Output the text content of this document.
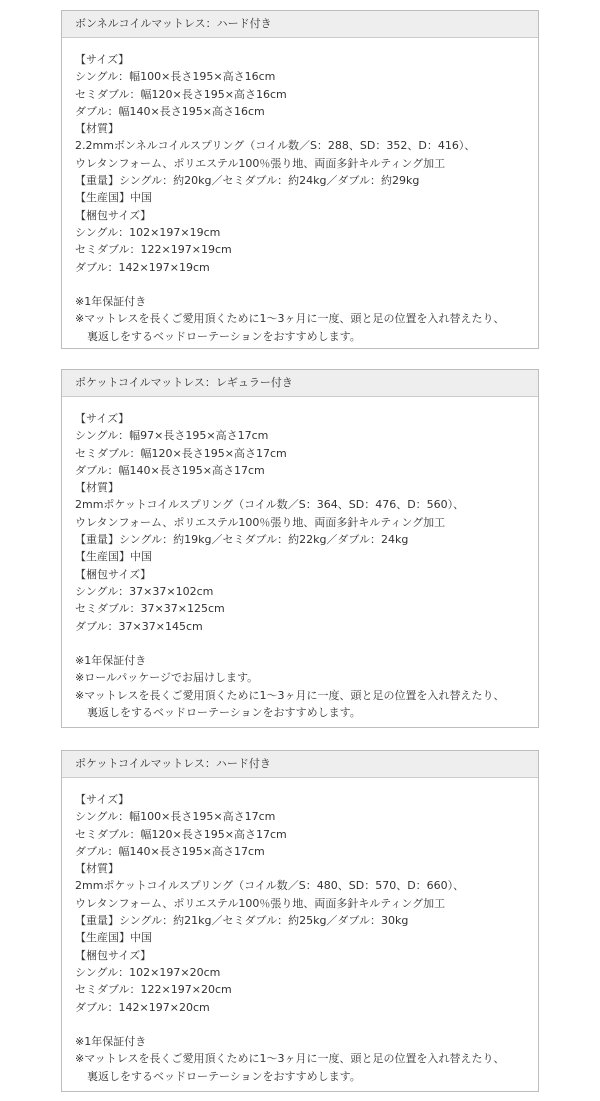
ボンネルコイルマットレス：ハード付き
【サイズ】
シングル：幅100×長さ195×高さ16cm
セミダブル：幅120×長さ195×高さ16cm
ダブル：幅140×長さ195×高さ16cm
【材質】
2.2mmボンネルコイルスプリング（コイル数／S：288、SD：352、D：416）、
ウレタンフォーム、ポリエステル100％張り地、両面多針キルティング加工
【重量】シングル：約20kg／セミダブル：約24kg／ダブル：約29kg
【生産国】中国
【梱包サイズ】
シングル：102×197×19cm
セミダブル：122×197×19cm
ダブル：142×197×19cm
※1年保証付き
※マットレスを長くご愛用頂くために1～3ヶ月に一度、頭と足の位置を入れ替えたり、
裏返しをするベッドローテーションをおすすめします。
ポケットコイルマットレス：レギュラー付き
【サイズ】
シングル：幅97×長さ195×高さ17cm
セミダブル：幅120×長さ195×高さ17cm
ダブル：幅140×長さ195×高さ17cm
【材質】
2mmポケットコイルスプリング（コイル数／S：364、SD：476、D：560）、
ウレタンフォーム、ポリエステル100％張り地、両面多針キルティング加工
【重量】シングル：約19kg／セミダブル：約22kg／ダブル：24kg
【生産国】中国
【梱包サイズ】
シングル：37×37×102cm
セミダブル：37×37×125cm
ダブル：37×37×145cm
※1年保証付き
※ロールパッケージでお届けします。
※マットレスを長くご愛用頂くために1～3ヶ月に一度、頭と足の位置を入れ替えたり、
裏返しをするベッドローテーションをおすすめします。
ポケットコイルマットレス：ハード付き
【サイズ】
シングル：幅100×長さ195×高さ17cm
セミダブル：幅120×長さ195×高さ17cm
ダブル：幅140×長さ195×高さ17cm
【材質】
2mmポケットコイルスプリング（コイル数／S：480、SD：570、D：660）、
ウレタンフォーム、ポリエステル100％張り地、両面多針キルティング加工
【重量】シングル：約21kg／セミダブル：約25kg／ダブル：30kg
【生産国】中国
【梱包サイズ】
シングル：102×197×20cm
セミダブル：122×197×20cm
ダブル：142×197×20cm
※1年保証付き
※マットレスを長くご愛用頂くために1～3ヶ月に一度、頭と足の位置を入れ替えたり、
裏返しをするベッドローテーションをおすすめします。
